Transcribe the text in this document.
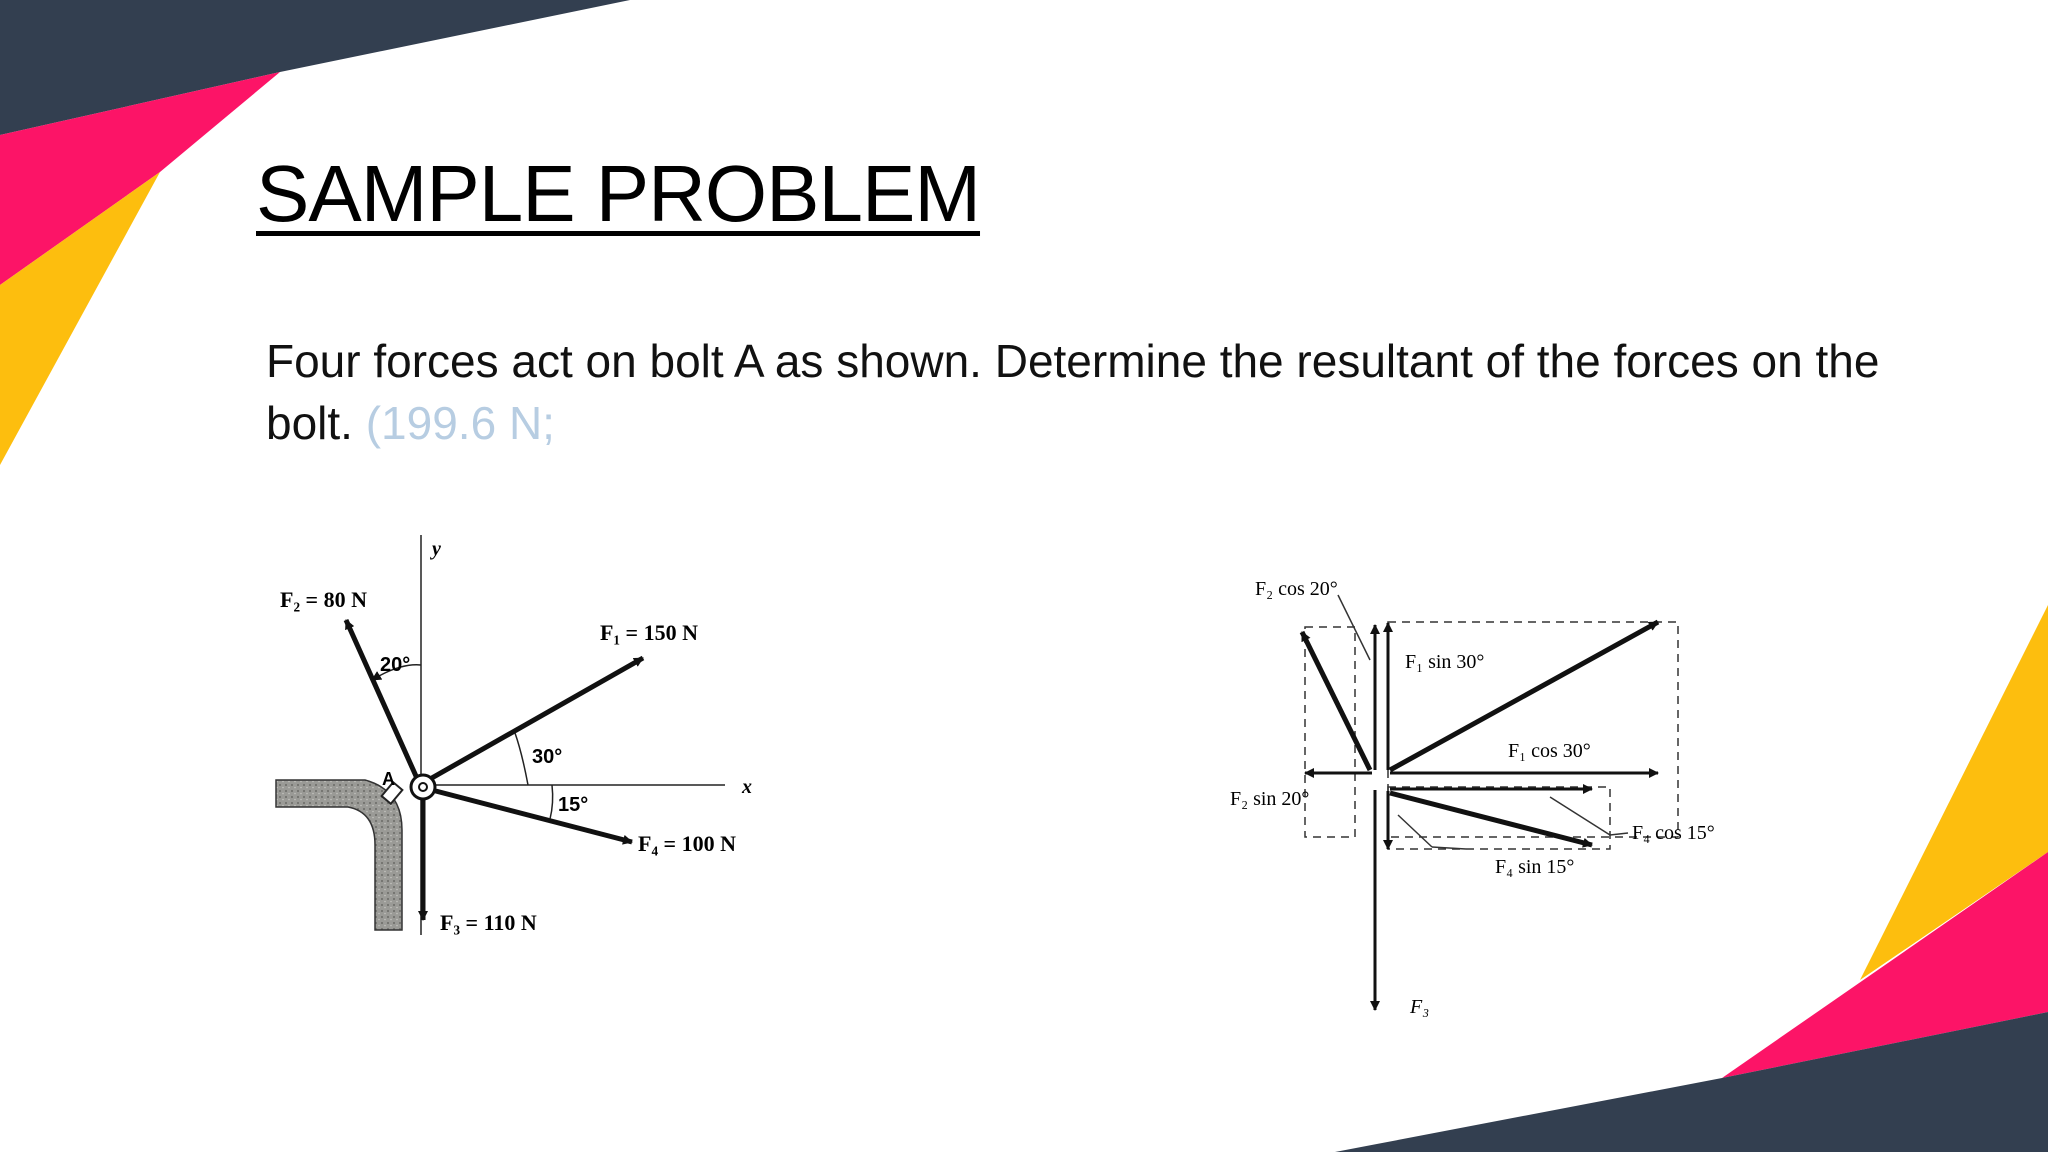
SAMPLE PROBLEM

Four forces act on bolt A as shown. Determine the resultant of the forces on the bolt. (199.6 N;

y
x
A
F₂ = 80 N
F₁ = 150 N
F₄ = 100 N
F₃ = 110 N
20°
30°
15°
F₂ cos 20°
F₁ sin 30°
F₁ cos 30°
F₂ sin 20°
F₄ cos 15°
F₄ sin 15°
F₃
